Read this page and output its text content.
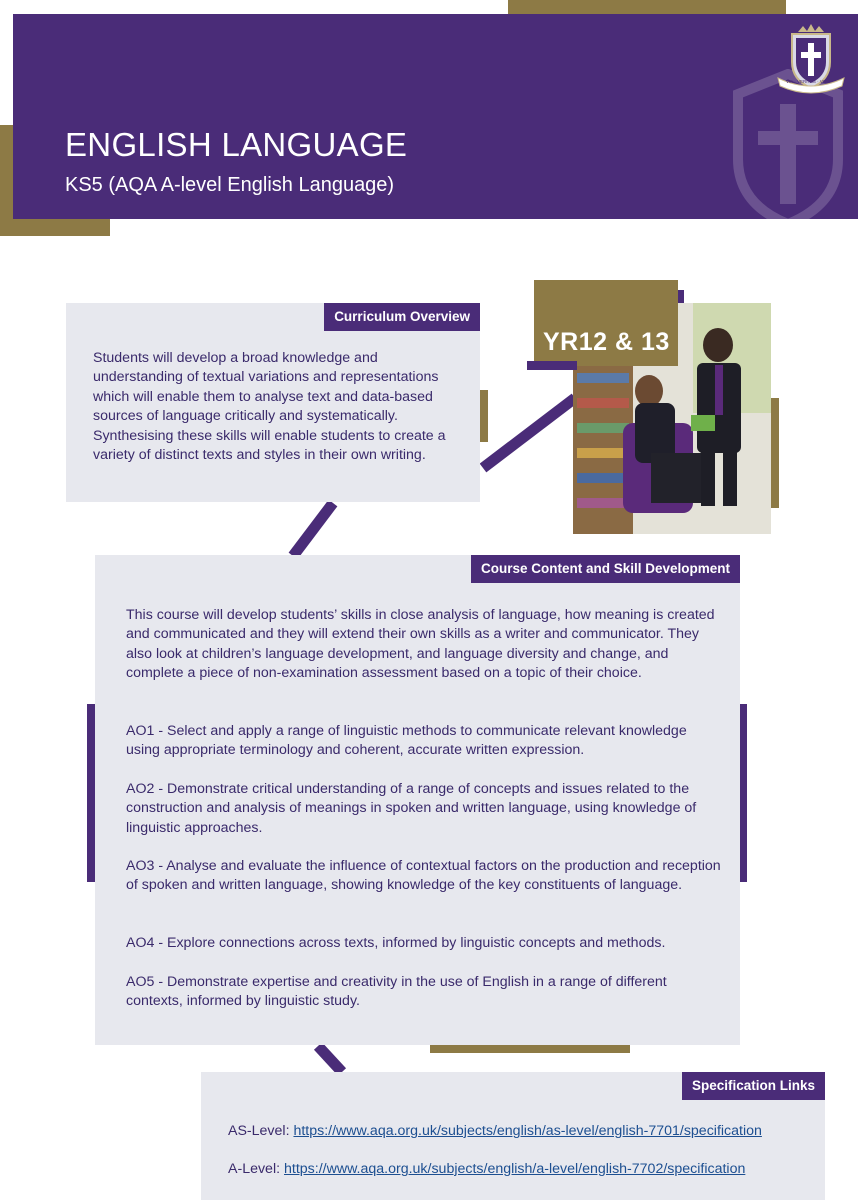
ENGLISH LANGUAGE
KS5 (AQA A-level English Language)
VIA · VERITAS · VITA
Curriculum Overview
Students will develop a broad knowledge and understanding of textual variations and representations which will enable them to analyse text and data-based sources of language critically and systematically. Synthesising these skills will enable students to create a variety of distinct texts and styles in their own writing.
YR12 & 13
Course Content and Skill Development
This course will develop students’ skills in close analysis of language, how meaning is created and communicated and they will extend their own skills as a writer and communicator. They also look at children’s language development, and language diversity and change, and complete a piece of non-examination assessment based on a topic of their choice.
AO1 - Select and apply a range of linguistic methods to communicate relevant knowledge using appropriate terminology and coherent, accurate written expression.
AO2 - Demonstrate critical understanding of a range of concepts and issues related to the construction and analysis of meanings in spoken and written language, using knowledge of linguistic approaches.
AO3 - Analyse and evaluate the influence of contextual factors on the production and reception of spoken and written language, showing knowledge of the key constituents of language.
AO4 - Explore connections across texts, informed by linguistic concepts and methods.
AO5 - Demonstrate expertise and creativity in the use of English in a range of different contexts, informed by linguistic study.
Specification Links
AS-Level: https://www.aqa.org.uk/subjects/english/as-level/english-7701/specification
A-Level: https://www.aqa.org.uk/subjects/english/a-level/english-7702/specification
